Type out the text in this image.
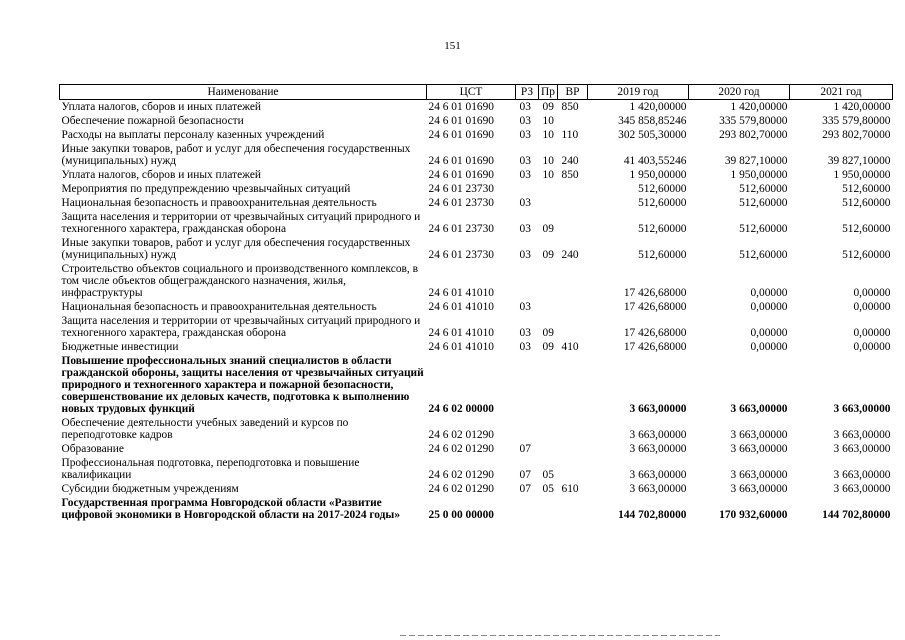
151
Наименование	ЦСТ	РЗ	Пр	ВР	2019 год	2020 год	2021 год
Уплата налогов, сборов и иных платежей	24 6 01 01690	03	09	850	1 420,00000	1 420,00000	1 420,00000
Обеспечение пожарной безопасности	24 6 01 01690	03	10		345 858,85246	335 579,80000	335 579,80000
Расходы на выплаты персоналу казенных учреждений	24 6 01 01690	03	10	110	302 505,30000	293 802,70000	293 802,70000
Иные закупки товаров, работ и услуг для обеспечения государственных (муниципальных) нужд	24 6 01 01690	03	10	240	41 403,55246	39 827,10000	39 827,10000
Уплата налогов, сборов и иных платежей	24 6 01 01690	03	10	850	1 950,00000	1 950,00000	1 950,00000
Мероприятия по предупреждению чрезвычайных ситуаций	24 6 01 23730				512,60000	512,60000	512,60000
Национальная безопасность и правоохранительная деятельность	24 6 01 23730	03			512,60000	512,60000	512,60000
Защита населения и территории от чрезвычайных ситуаций природного и техногенного характера, гражданская оборона	24 6 01 23730	03	09		512,60000	512,60000	512,60000
Иные закупки товаров, работ и услуг для обеспечения государственных (муниципальных) нужд	24 6 01 23730	03	09	240	512,60000	512,60000	512,60000
Строительство объектов социального и производственного комплексов, в том числе объектов общегражданского назначения, жилья, инфраструктуры	24 6 01 41010				17 426,68000	0,00000	0,00000
Национальная безопасность и правоохранительная деятельность	24 6 01 41010	03			17 426,68000	0,00000	0,00000
Защита населения и территории от чрезвычайных ситуаций природного и техногенного характера, гражданская оборона	24 6 01 41010	03	09		17 426,68000	0,00000	0,00000
Бюджетные инвестиции	24 6 01 41010	03	09	410	17 426,68000	0,00000	0,00000
Повышение профессиональных знаний специалистов в области гражданской обороны, защиты населения от чрезвычайных ситуаций природного и техногенного характера и пожарной безопасности, совершенствование их деловых качеств, подготовка к выполнению новых трудовых функций	24 6 02 00000				3 663,00000	3 663,00000	3 663,00000
Обеспечение деятельности учебных заведений и курсов по переподготовке кадров	24 6 02 01290				3 663,00000	3 663,00000	3 663,00000
Образование	24 6 02 01290	07			3 663,00000	3 663,00000	3 663,00000
Профессиональная подготовка, переподготовка и повышение квалификации	24 6 02 01290	07	05		3 663,00000	3 663,00000	3 663,00000
Субсидии бюджетным учреждениям	24 6 02 01290	07	05	610	3 663,00000	3 663,00000	3 663,00000
Государственная программа Новгородской области «Развитие цифровой экономики в Новгородской области на 2017-2024 годы»	25 0 00 00000				144 702,80000	170 932,60000	144 702,80000
